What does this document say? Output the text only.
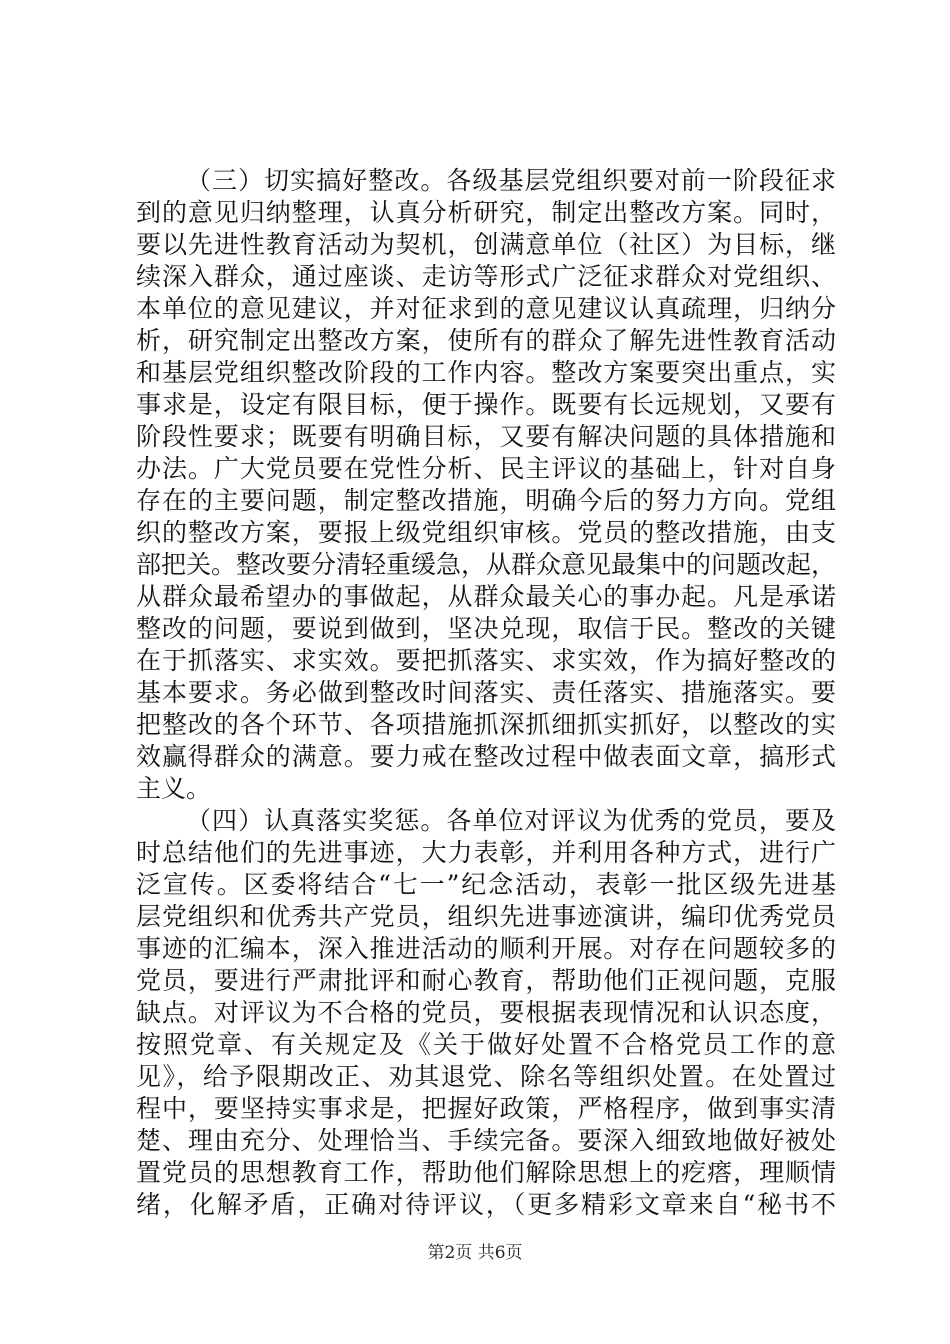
（三）切实搞好整改。各级基层党组织要对前一阶段征求
到的意见归纳整理，认真分析研究，制定出整改方案。同时，
要以先进性教育活动为契机，创满意单位（社区）为目标，继
续深入群众，通过座谈、走访等形式广泛征求群众对党组织、
本单位的意见建议，并对征求到的意见建议认真疏理，归纳分
析，研究制定出整改方案，使所有的群众了解先进性教育活动
和基层党组织整改阶段的工作内容。整改方案要突出重点，实
事求是，设定有限目标，便于操作。既要有长远规划，又要有
阶段性要求；既要有明确目标，又要有解决问题的具体措施和
办法。广大党员要在党性分析、民主评议的基础上，针对自身
存在的主要问题，制定整改措施，明确今后的努力方向。党组
织的整改方案，要报上级党组织审核。党员的整改措施，由支
部把关。整改要分清轻重缓急，从群众意见最集中的问题改起，
从群众最希望办的事做起，从群众最关心的事办起。凡是承诺
整改的问题，要说到做到，坚决兑现，取信于民。整改的关键
在于抓落实、求实效。要把抓落实、求实效，作为搞好整改的
基本要求。务必做到整改时间落实、责任落实、措施落实。要
把整改的各个环节、各项措施抓深抓细抓实抓好，以整改的实
效赢得群众的满意。要力戒在整改过程中做表面文章，搞形式
主义。
（四）认真落实奖惩。各单位对评议为优秀的党员，要及
时总结他们的先进事迹，大力表彰，并利用各种方式，进行广
泛宣传。区委将结合“七一”纪念活动，表彰一批区级先进基
层党组织和优秀共产党员，组织先进事迹演讲，编印优秀党员
事迹的汇编本，深入推进活动的顺利开展。对存在问题较多的
党员，要进行严肃批评和耐心教育，帮助他们正视问题，克服
缺点。对评议为不合格的党员，要根据表现情况和认识态度，
按照党章、有关规定及《关于做好处置不合格党员工作的意
见》，给予限期改正、劝其退党、除名等组织处置。在处置过
程中，要坚持实事求是，把握好政策，严格程序，做到事实清
楚、理由充分、处理恰当、手续完备。要深入细致地做好被处
置党员的思想教育工作，帮助他们解除思想上的疙瘩，理顺情
绪，化解矛盾，正确对待评议，（更多精彩文章来自“秘书不
第2页 共6页
